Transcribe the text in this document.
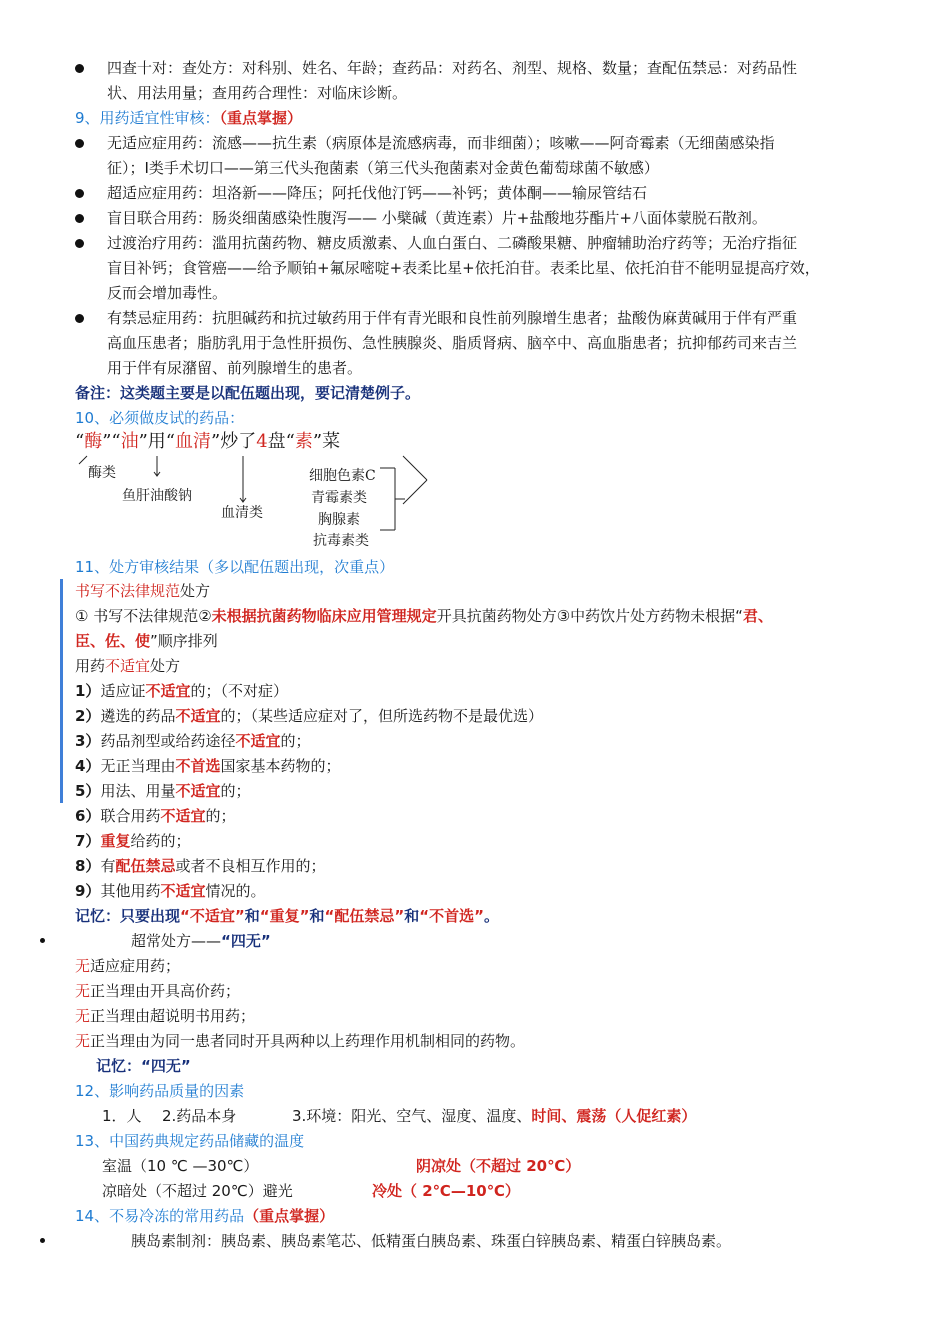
四查十对：查处方：对科别、姓名、年龄；查药品：对药名、剂型、规格、数量；查配伍禁忌：对药品性
状、用法用量；查用药合理性：对临床诊断。
9、用药适宜性审核：（重点掌握）
无适应症用药：流感——抗生素（病原体是流感病毒，而非细菌）；咳嗽——阿奇霉素（无细菌感染指
征）；Ⅰ类手术切口——第三代头孢菌素（第三代头孢菌素对金黄色葡萄球菌不敏感）
超适应症用药：坦洛新——降压；阿托伐他汀钙——补钙；黄体酮——输尿管结石
盲目联合用药：肠炎细菌感染性腹泻—— 小檗碱（黄连素）片+盐酸地芬酯片+八面体蒙脱石散剂。
过渡治疗用药：滥用抗菌药物、糖皮质激素、人血白蛋白、二磷酸果糖、肿瘤辅助治疗药等；无治疗指征
盲目补钙；食管癌——给予顺铂+氟尿嘧啶+表柔比星+依托泊苷。表柔比星、依托泊苷不能明显提高疗效，
反而会增加毒性。
有禁忌症用药：抗胆碱药和抗过敏药用于伴有青光眼和良性前列腺增生患者；盐酸伪麻黄碱用于伴有严重
高血压患者；脂肪乳用于急性肝损伤、急性胰腺炎、脂质肾病、脑卒中、高血脂患者；抗抑郁药司来吉兰
用于伴有尿潴留、前列腺增生的患者。
备注：这类题主要是以配伍题出现，要记清楚例子。
10、必须做皮试的药品：
“酶”“油”用“血清”炒了4盘“素”菜
酶类
鱼肝油酸钠
血清类
细胞色素C
青霉素类
胸腺素
抗毒素类
11、处方审核结果（多以配伍题出现，次重点）
书写不法律规范处方
① 书写不法律规范②未根据抗菌药物临床应用管理规定开具抗菌药物处方③中药饮片处方药物未根据“君、
臣、佐、使”顺序排列
用药不适宜处方
1）适应证不适宜的；（不对症）
2）遴选的药品不适宜的；（某些适应症对了，但所选药物不是最优选）
3）药品剂型或给药途径不适宜的；
4）无正当理由不首选国家基本药物的；
5）用法、用量不适宜的；
6）联合用药不适宜的；
7）重复给药的；
8）有配伍禁忌或者不良相互作用的；
9）其他用药不适宜情况的。
记忆：只要出现“不适宜”和“重复”和“配伍禁忌”和“不首选”。
超常处方——“四无”
无适应症用药；
无正当理由开具高价药；
无正当理由超说明书用药；
无正当理由为同一患者同时开具两种以上药理作用机制相同的药物。
记忆：“四无”
12、影响药品质量的因素
1．人 2.药品本身	3.环境：阳光、空气、湿度、温度、时间、震荡（人促红素）
13、中国药典规定药品储藏的温度
室温（10 ℃ —30℃）	阴凉处（不超过 20℃）
凉暗处（不超过 20℃）避光	冷处（ 2℃—10℃）
14、不易冷冻的常用药品（重点掌握）
胰岛素制剂：胰岛素、胰岛素笔芯、低精蛋白胰岛素、珠蛋白锌胰岛素、精蛋白锌胰岛素。
